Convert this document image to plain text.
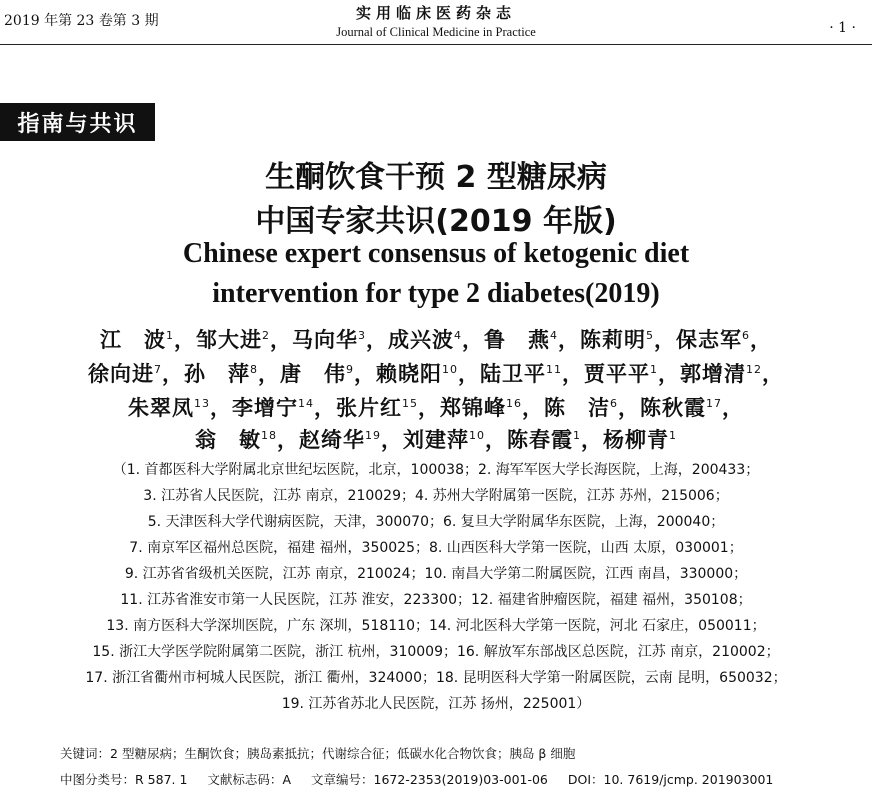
2019 年第 23 卷第 3 期	实用临床医药杂志
Journal of Clinical Medicine in Practice	· 1 ·
指南与共识
生酮饮食干预 2 型糖尿病
中国专家共识(2019 年版)
Chinese expert consensus of ketogenic diet
intervention for type 2 diabetes(2019)
江　波$^1$，邹大进$^2$，马向华$^3$，成兴波$^4$，鲁　燕$^4$，陈莉明$^5$，保志军$^6$，
徐向进$^7$，孙　萍$^8$，唐　伟$^9$，赖晓阳$^{10}$，陆卫平$^{11}$，贾平平$^1$，郭增清$^{12}$，
朱翠凤$^{13}$，李增宁$^{14}$，张片红$^{15}$，郑锦峰$^{16}$，陈　洁$^6$，陈秋霞$^{17}$，
翁　敏$^{18}$，赵绮华$^{19}$，刘建萍$^{10}$，陈春霞$^1$，杨柳青$^1$
（1. 首都医科大学附属北京世纪坛医院，北京，100038；2. 海军军医大学长海医院，上海，200433；
3. 江苏省人民医院，江苏 南京，210029；4. 苏州大学附属第一医院，江苏 苏州，215006；
5. 天津医科大学代谢病医院，天津，300070；6. 复旦大学附属华东医院，上海，200040；
7. 南京军区福州总医院，福建 福州，350025；8. 山西医科大学第一医院，山西 太原，030001；
9. 江苏省省级机关医院，江苏 南京，210024；10. 南昌大学第二附属医院，江西 南昌，330000；
11. 江苏省淮安市第一人民医院，江苏 淮安，223300；12. 福建省肿瘤医院，福建 福州，350108；
13. 南方医科大学深圳医院，广东 深圳，518110；14. 河北医科大学第一医院，河北 石家庄，050011；
15. 浙江大学医学院附属第二医院，浙江 杭州，310009；16. 解放军东部战区总医院，江苏 南京，210002；
17. 浙江省衢州市柯城人民医院，浙江 衢州，324000；18. 昆明医科大学第一附属医院，云南 昆明，650032；
19. 江苏省苏北人民医院，江苏 扬州，225001）
关键词：2 型糖尿病；生酮饮食；胰岛素抵抗；代谢综合征；低碳水化合物饮食；胰岛 β 细胞
中图分类号：R 587. 1 文献标志码：A 文章编号：1672-2353(2019)03-001-06 DOI：10. 7619/jcmp. 201903001
